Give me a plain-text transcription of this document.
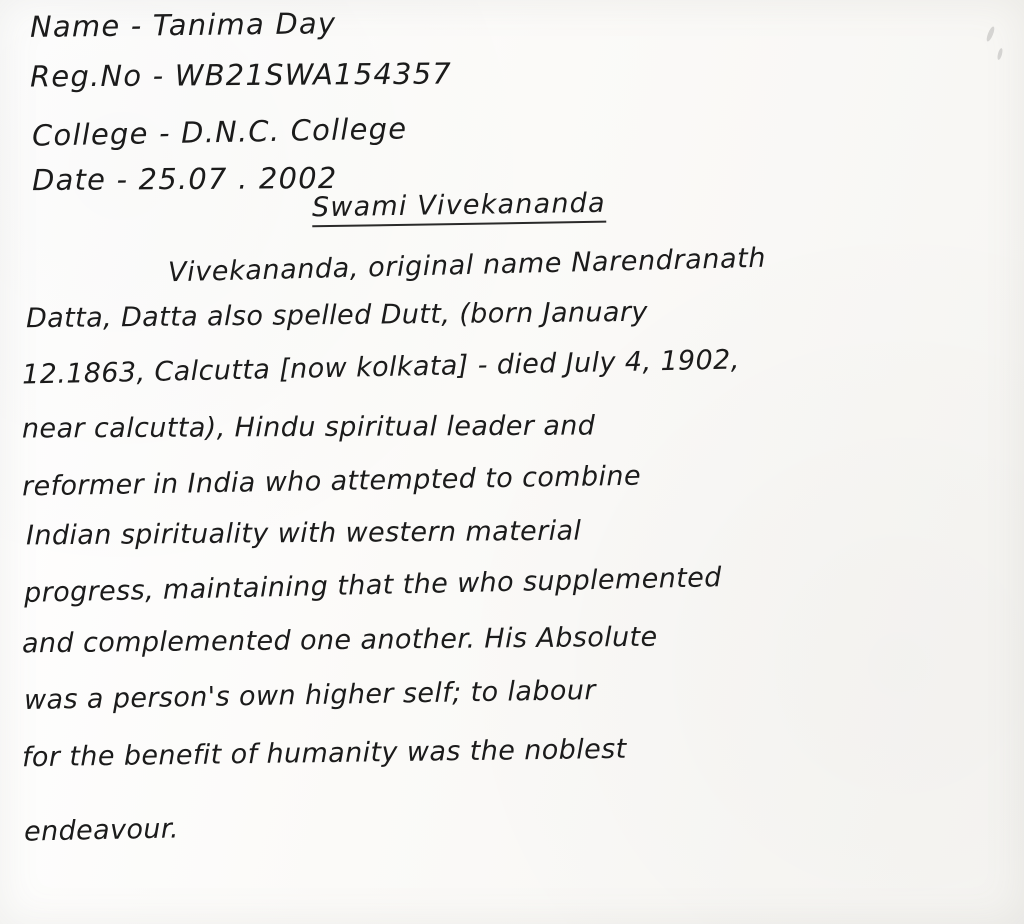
Name - Tanima Day
Reg.No - WB21SWA154357
College - D.N.C. College
Date - 25.07 . 2002
Swami Vivekananda
Vivekananda, original name Narendranath
Datta, Datta also spelled Dutt, (born January
12.1863, Calcutta [now kolkata] - died July 4, 1902,
near calcutta), Hindu spiritual leader and
reformer in India who attempted to combine
Indian spirituality with western material
progress, maintaining that the who supplemented
and complemented one another. His Absolute
was a person's own higher self; to labour
for the benefit of humanity was the noblest
endeavour.
